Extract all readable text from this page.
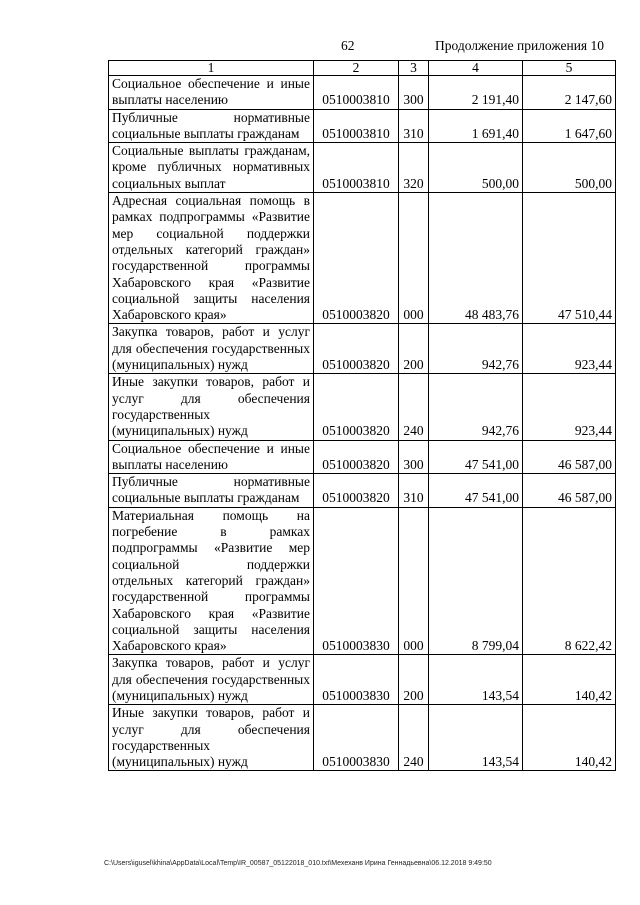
62	Продолжение приложения 10
1	2	3	4	5
Социальное обеспечение и иные выплаты населению	0510003810	300	2 191,40	2 147,60
Публичные нормативные социальные выплаты гражданам	0510003810	310	1 691,40	1 647,60
Социальные выплаты гражданам, кроме публичных нормативных социальных выплат	0510003810	320	500,00	500,00
Адресная социальная помощь в рамках подпрограммы «Развитие мер социальной поддержки отдельных категорий граждан» государственной программы Хабаровского края «Развитие социальной защиты населения Хабаровского края»	0510003820	000	48 483,76	47 510,44
Закупка товаров, работ и услуг для обеспечения государственных (муниципальных) нужд	0510003820	200	942,76	923,44
Иные закупки товаров, работ и услуг для обеспечения государственных (муниципальных) нужд	0510003820	240	942,76	923,44
Социальное обеспечение и иные выплаты населению	0510003820	300	47 541,00	46 587,00
Публичные нормативные социальные выплаты гражданам	0510003820	310	47 541,00	46 587,00
Материальная помощь на погребение в рамках подпрограммы «Развитие мер социальной поддержки отдельных категорий граждан» государственной программы Хабаровского края «Развитие социальной защиты населения Хабаровского края»	0510003830	000	8 799,04	8 622,42
Закупка товаров, работ и услуг для обеспечения государственных (муниципальных) нужд	0510003830	200	143,54	140,42
Иные закупки товаров, работ и услуг для обеспечения государственных (муниципальных) нужд	0510003830	240	143,54	140,42
C:\Users\igusel\khina\AppData\Local\Temp\IR_00587_05122018_010.txt\Мехеханв Ирина Геннадьевна\06.12.2018 9:49:50
